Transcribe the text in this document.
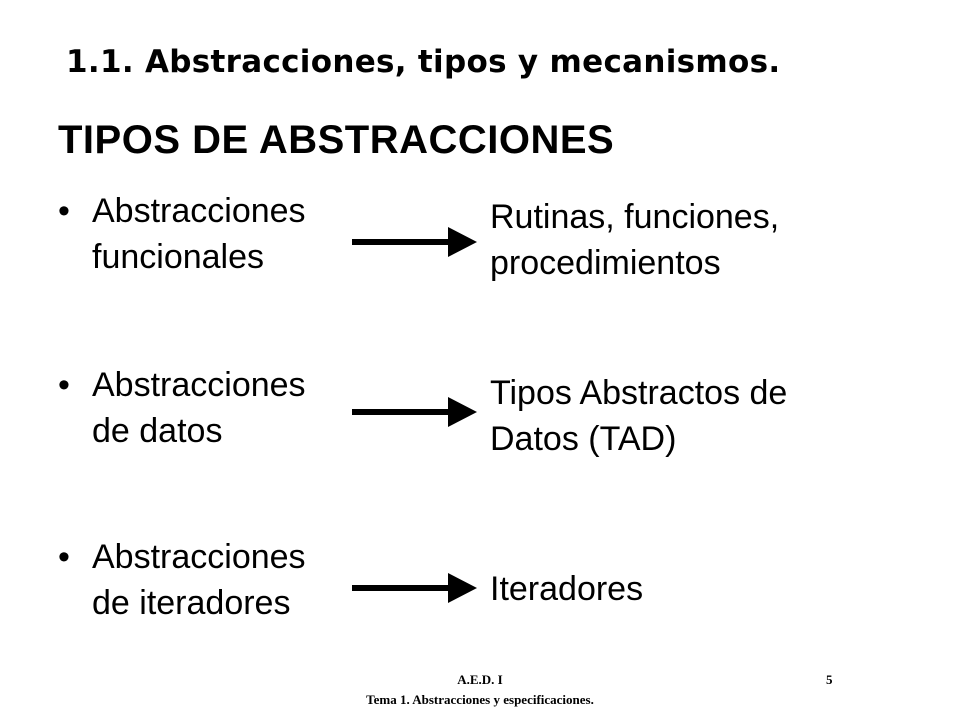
1.1. Abstracciones, tipos y mecanismos.
TIPOS DE ABSTRACCIONES
• Abstracciones
funcionales
Rutinas, funciones,
procedimientos
• Abstracciones
de datos
Tipos Abstractos de
Datos (TAD)
• Abstracciones
de iteradores	Iteradores
A.E.D. I
Tema 1. Abstracciones y especificaciones.
5
